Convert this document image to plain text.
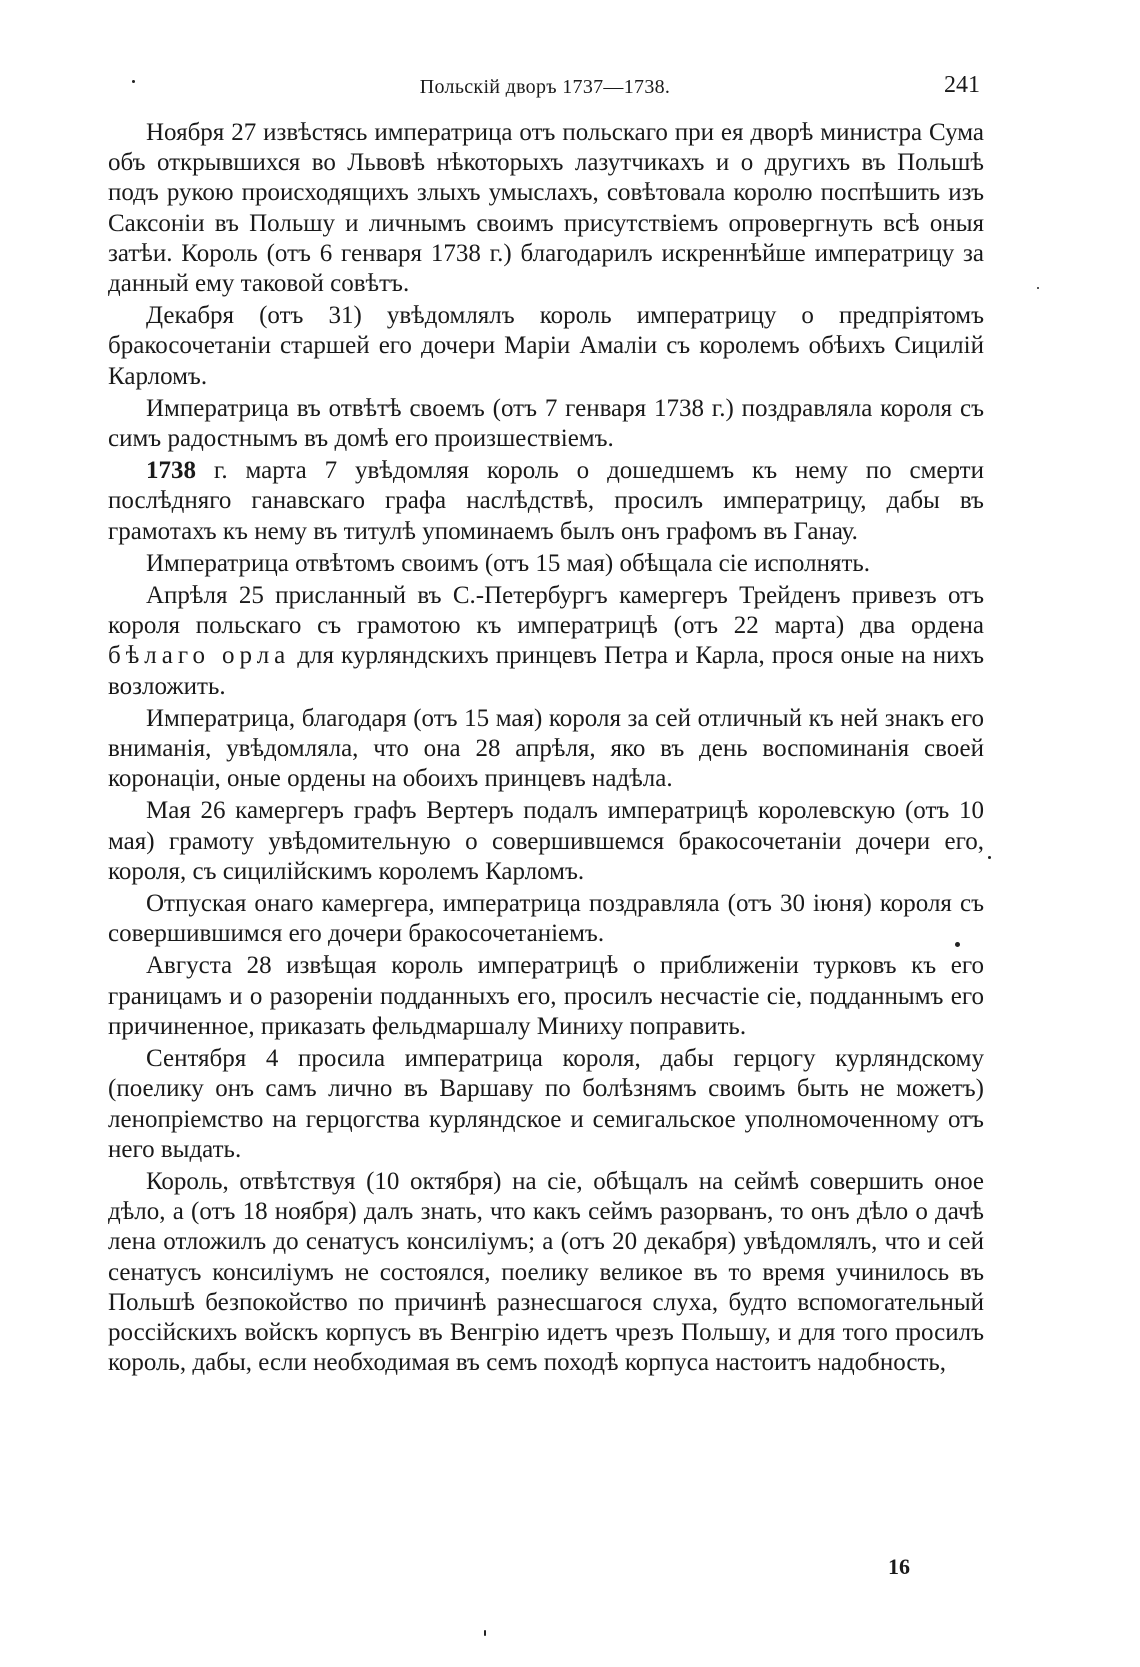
Польскій дворъ 1737—1738.	241

Ноября 27 извѣстясь императрица отъ польскаго при ея дворѣ министра Сума объ открывшихся во Львовѣ нѣкоторыхъ лазутчикахъ и о другихъ въ Польшѣ подъ рукою происходящихъ злыхъ умыслахъ, совѣтовала королю поспѣшить изъ Саксоніи въ Польшу и личнымъ своимъ присутствіемъ опровергнуть всѣ оныя затѣи. Король (отъ 6 генваря 1738 г.) благодарилъ искреннѣйше императрицу за данный ему таковой совѣтъ.

Декабря (отъ 31) увѣдомлялъ король императрицу о предпріятомъ бракосочетаніи старшей его дочери Маріи Амаліи съ королемъ обѣихъ Сицилій Карломъ.

Императрица въ отвѣтѣ своемъ (отъ 7 генваря 1738 г.) поздравляла короля съ симъ радостнымъ въ домѣ его произшествіемъ.

1738 г. марта 7 увѣдомляя король о дошедшемъ къ нему по смерти послѣдняго ганавскаго графа наслѣдствѣ, просилъ императрицу, дабы въ грамотахъ къ нему въ титулѣ упоминаемъ былъ онъ графомъ въ Ганау.

Императрица отвѣтомъ своимъ (отъ 15 мая) обѣщала сіе исполнять.

Апрѣля 25 присланный въ С.-Петербургъ камергеръ Трейденъ привезъ отъ короля польскаго съ грамотою къ императрицѣ (отъ 22 марта) два ордена бѣлаго орла для курляндскихъ принцевъ Петра и Карла, прося оные на нихъ возложить.

Императрица, благодаря (отъ 15 мая) короля за сей отличный къ ней знакъ его вниманія, увѣдомляла, что она 28 апрѣля, яко въ день воспоминанія своей коронаціи, оные ордены на обоихъ принцевъ надѣла.

Мая 26 камергеръ графъ Вертеръ подалъ императрицѣ королевскую (отъ 10 мая) грамоту увѣдомительную о совершившемся бракосочетаніи дочери его, короля, съ сицилійскимъ королемъ Карломъ.

Отпуская онаго камергера, императрица поздравляла (отъ 30 іюня) короля съ совершившимся его дочери бракосочетаніемъ.

Августа 28 извѣщая король императрицѣ о приближеніи турковъ къ его границамъ и о разореніи подданныхъ его, просилъ несчастіе сіе, подданнымъ его причиненное, приказать фельдмаршалу Миниху поправить.

Сентября 4 просила императрица короля, дабы герцогу курляндскому (поелику онъ самъ лично въ Варшаву по болѣзнямъ своимъ быть не можетъ) ленопріемство на герцогства курляндское и семигальское уполномоченному отъ него выдать.

Король, отвѣтствуя (10 октября) на сіе, обѣщалъ на сеймѣ совершить оное дѣло, а (отъ 18 ноября) далъ знать, что какъ сеймъ разорванъ, то онъ дѣло о дачѣ лена отложилъ до сенатусъ консиліумъ; а (отъ 20 декабря) увѣдомлялъ, что и сей сенатусъ консиліумъ не состоялся, поелику великое въ то время учинилось въ Польшѣ безпокойство по причинѣ разнесшагося слуха, будто вспомогательный россійскихъ войскъ корпусъ въ Венгрію идетъ чрезъ Польшу, и для того просилъ король, дабы, если необходимая въ семъ походѣ корпуса настоитъ надобность,

16
